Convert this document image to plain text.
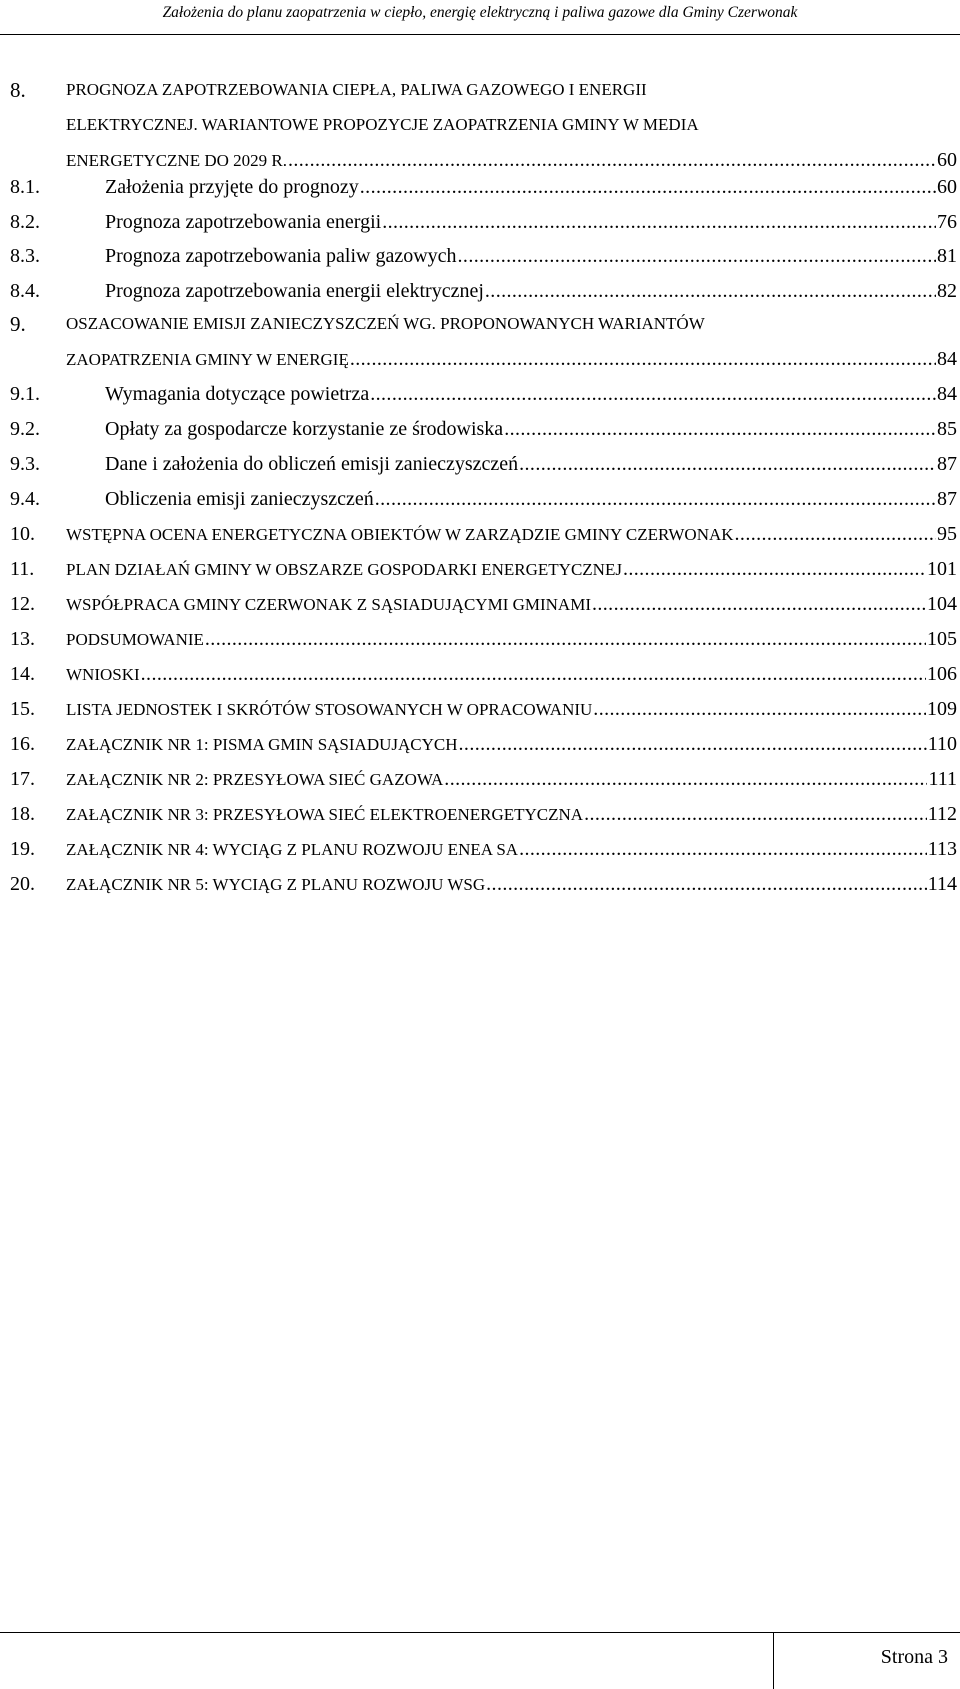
Założenia do planu zaopatrzenia w ciepło, energię elektryczną i paliwa gazowe dla Gminy Czerwonak
8. PROGNOZA ZAPOTRZEBOWANIA CIEPŁA, PALIWA GAZOWEGO I ENERGII
ELEKTRYCZNEJ. WARIANTOWE PROPOZYCJE ZAOPATRZENIA GMINY W MEDIA
ENERGETYCZNE DO 2029 R. .....	60
8.1.	Założenia przyjęte do prognozy .....	60
8.2.	Prognoza zapotrzebowania energii .....	76
8.3.	Prognoza zapotrzebowania paliw gazowych .....	81
8.4.	Prognoza zapotrzebowania energii elektrycznej .....	82
9. OSZACOWANIE EMISJI ZANIECZYSZCZEŃ WG. PROPONOWANYCH WARIANTÓW
ZAOPATRZENIA GMINY W ENERGIĘ .....	84
9.1.	Wymagania dotyczące powietrza .....	84
9.2.	Opłaty za gospodarcze korzystanie ze środowiska .....	85
9.3.	Dane i założenia do obliczeń emisji zanieczyszczeń .....	87
9.4.	Obliczenia emisji zanieczyszczeń .....	87
10. WSTĘPNA OCENA ENERGETYCZNA OBIEKTÓW W ZARZĄDZIE GMINY CZERWONAK .....	95
11. PLAN DZIAŁAŃ GMINY W OBSZARZE GOSPODARKI ENERGETYCZNEJ .....	101
12. WSPÓŁPRACA GMINY CZERWONAK Z SĄSIADUJĄCYMI GMINAMI .....	104
13. PODSUMOWANIE .....	105
14. WNIOSKI .....	106
15. LISTA JEDNOSTEK I SKRÓTÓW STOSOWANYCH W OPRACOWANIU .....	109
16. ZAŁĄCZNIK NR 1: PISMA GMIN SĄSIADUJĄCYCH .....	110
17. ZAŁĄCZNIK NR 2: PRZESYŁOWA SIEĆ GAZOWA .....	111
18. ZAŁĄCZNIK NR 3: PRZESYŁOWA SIEĆ ELEKTROENERGETYCZNA .....	112
19. ZAŁĄCZNIK NR 4: WYCIĄG Z PLANU ROZWOJU ENEA SA .....	113
20. ZAŁĄCZNIK NR 5: WYCIĄG Z PLANU ROZWOJU WSG .....	114
Strona 3
